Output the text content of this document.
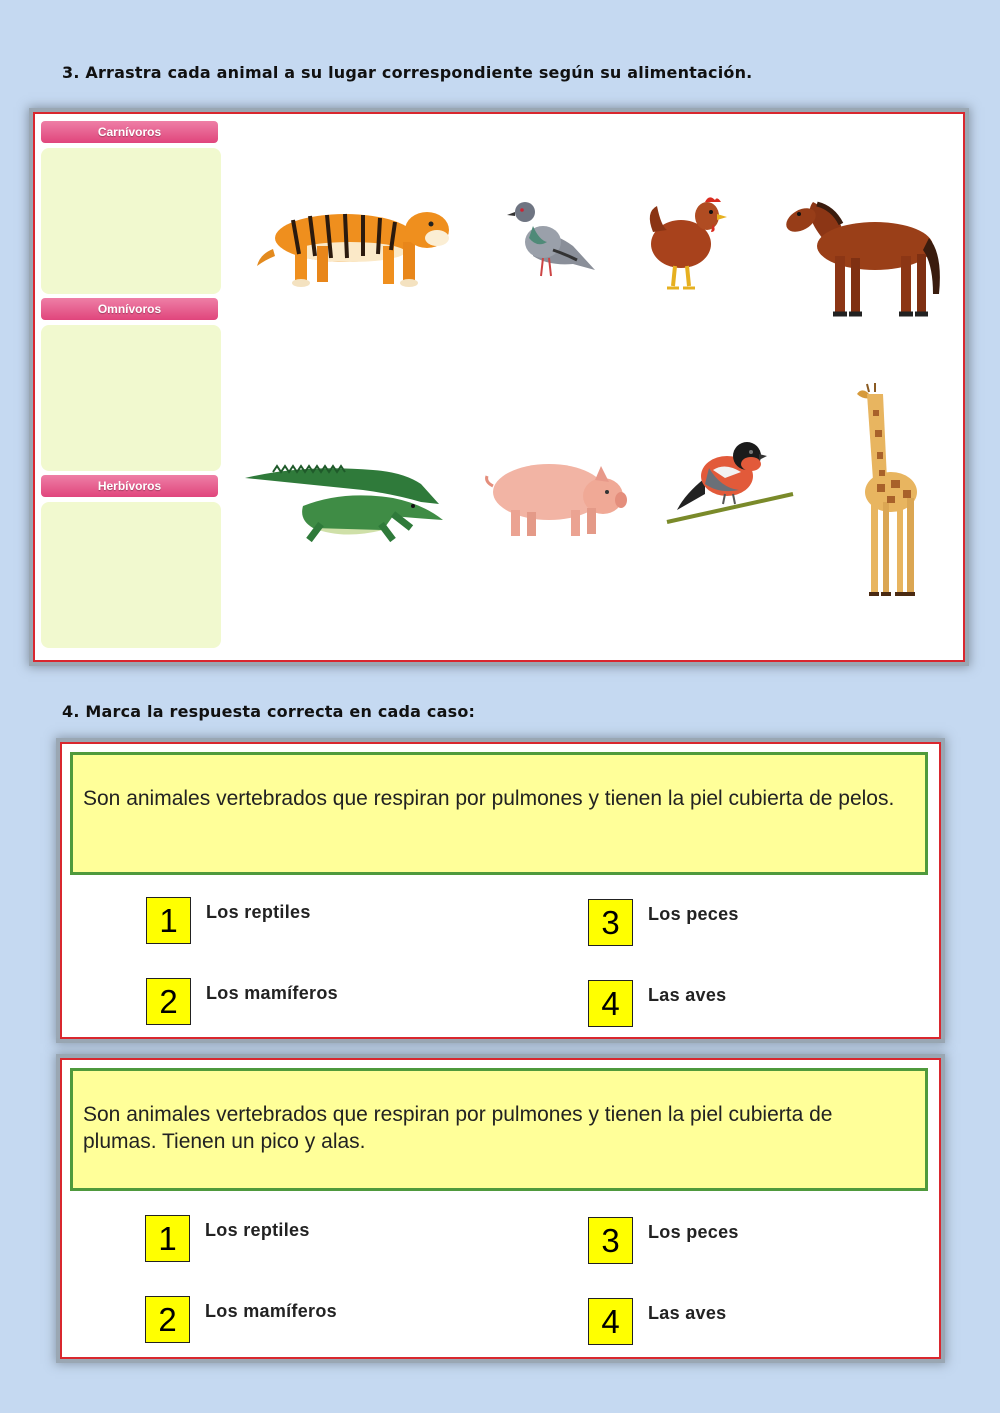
3. Arrastra cada animal a su lugar correspondiente según su alimentación.
Carnívoros
Omnívoros
Herbívoros
4. Marca la respuesta correcta en cada caso:
Son animales vertebrados que respiran por pulmones y tienen la piel cubierta de pelos.
1	Los reptiles
2	Los mamíferos
3	Los peces
4	Las aves
Son animales vertebrados que respiran por pulmones y tienen la piel cubierta de plumas. Tienen un pico y alas.
1	Los reptiles
2	Los mamíferos
3	Los peces
4	Las aves
